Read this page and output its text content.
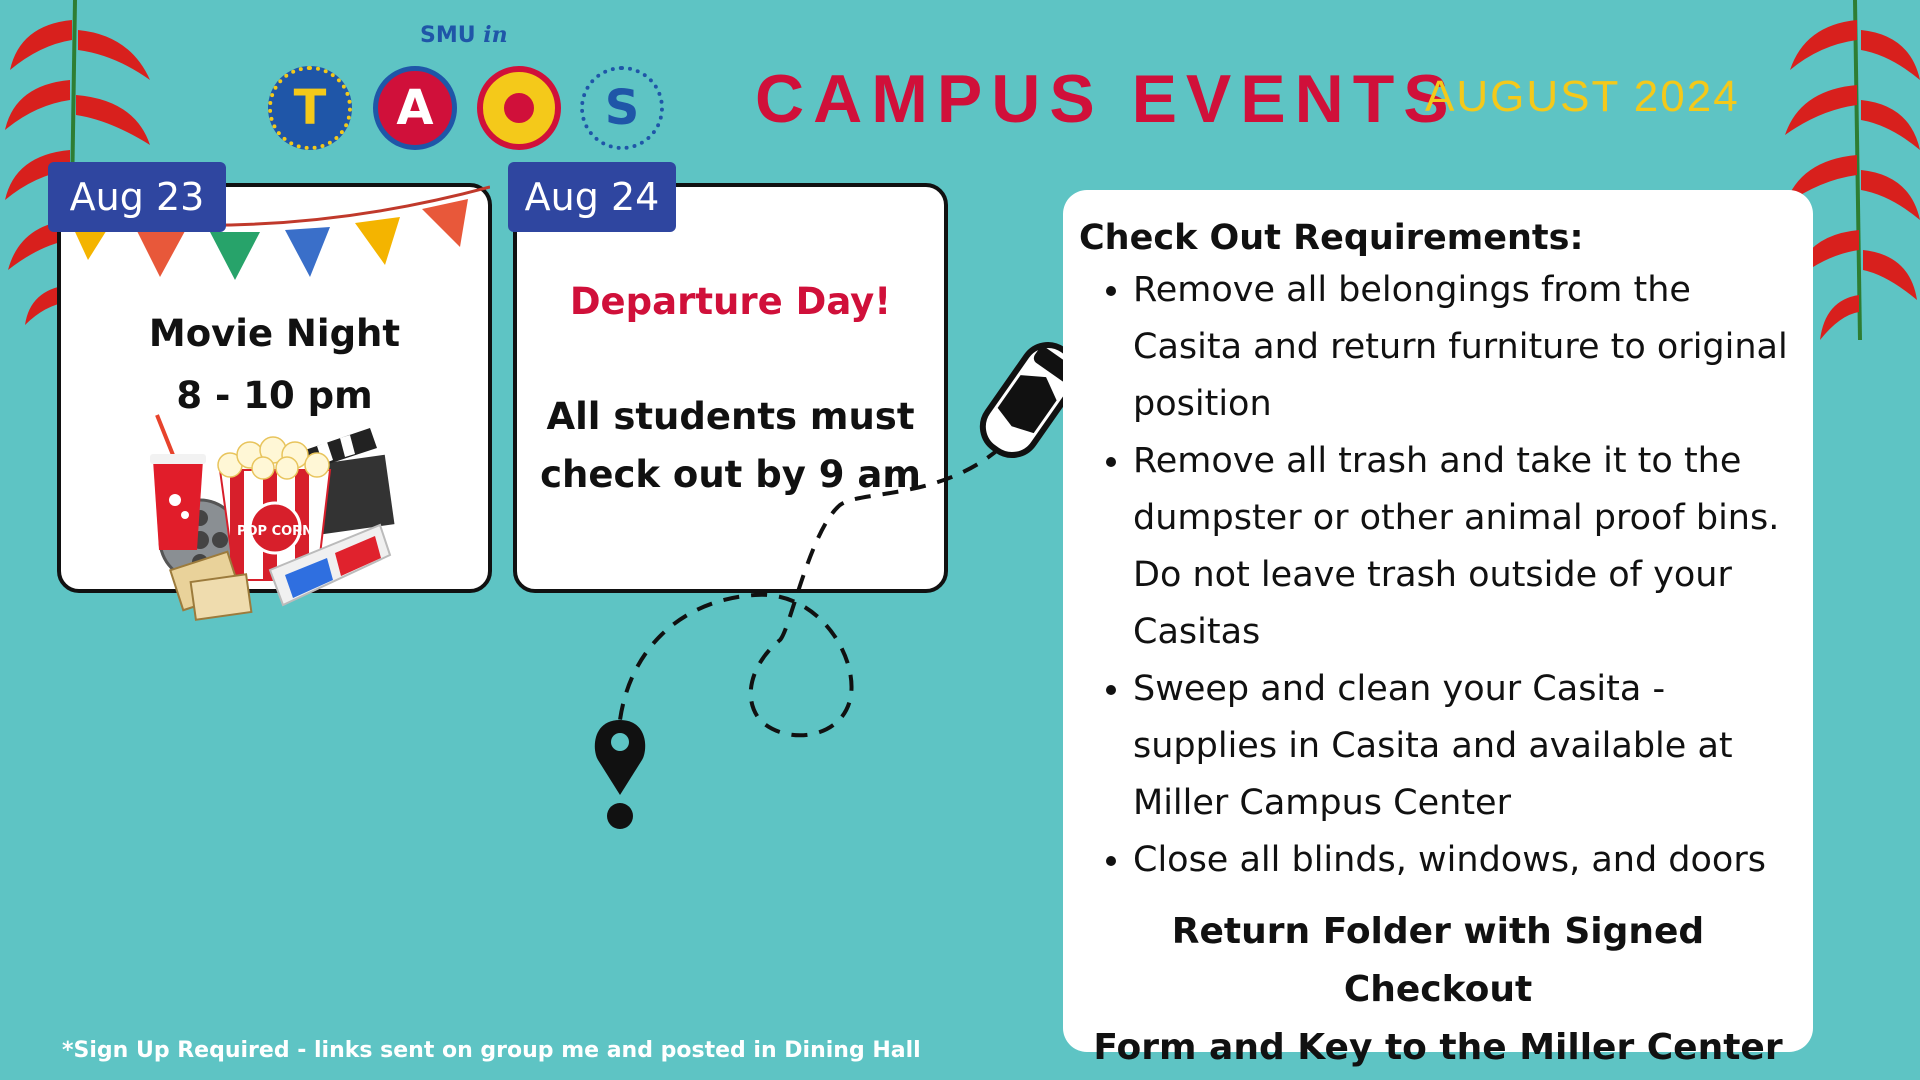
SMU in
T	A	S	CAMPUS EVENTS
AUGUST 2024
Aug 23
Movie Night
8 - 10 pm
POP CORN
Aug 24
Departure Day!
All students must
check out by 9 am
Check Out Requirements:
• Remove all belongings from the Casita and return furniture to original position
• Remove all trash and take it to the dumpster or other animal proof bins. Do not leave trash outside of your Casitas
• Sweep and clean your Casita - supplies in Casita and available at Miller Campus Center
• Close all blinds, windows, and doors
Return Folder with Signed Checkout
Form and Key to the Miller Center
*Sign Up Required - links sent on group me and posted in Dining Hall
